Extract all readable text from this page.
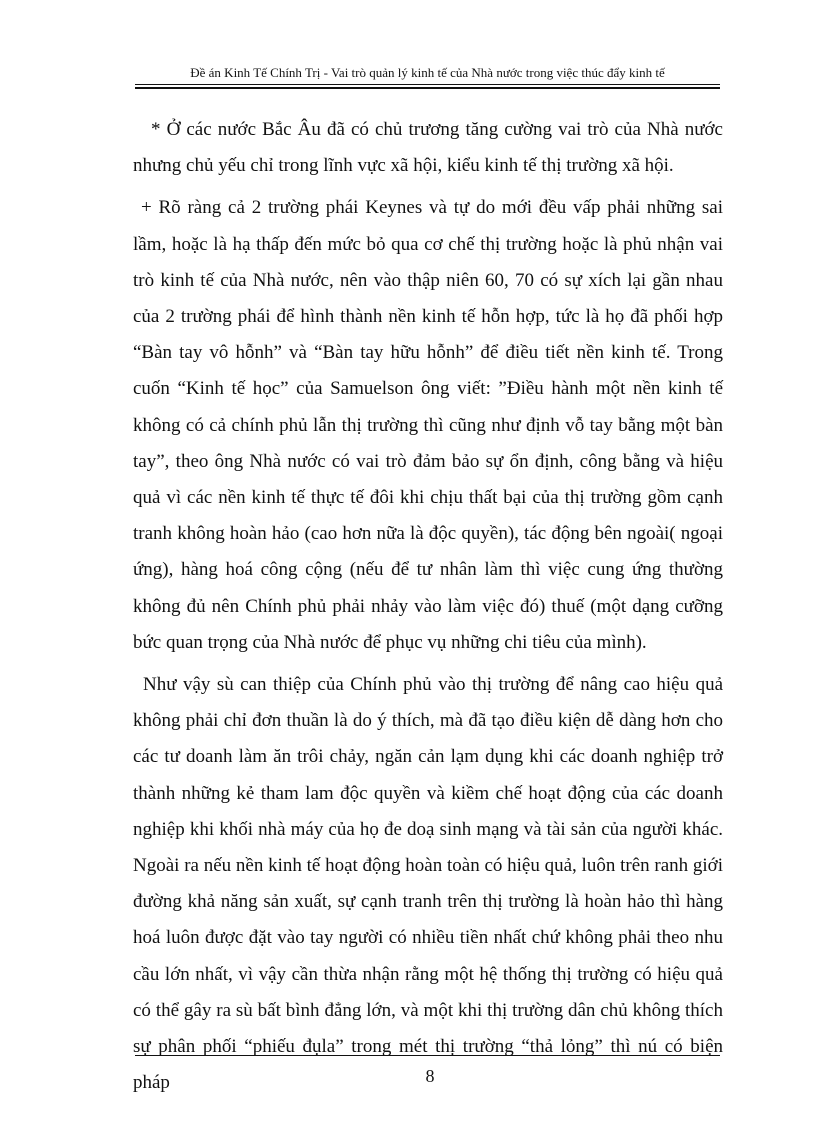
Đề án Kinh Tế Chính Trị - Vai trò quản lý kinh tế của Nhà nước trong việc thúc đẩy kinh tế

* Ở các nước Bắc Âu đã có chủ trương tăng cường vai trò của Nhà nước nhưng chủ yếu chỉ trong lĩnh vực xã hội, kiểu kinh tế thị trường xã hội.

+ Rõ ràng cả 2 trường phái Keynes và tự do mới đều vấp phải những sai lầm, hoặc là hạ thấp đến mức bỏ qua cơ chế thị trường hoặc là phủ nhận vai trò kinh tế của Nhà nước, nên vào thập niên 60, 70 có sự xích lại gần nhau của 2 trường phái để hình thành nền kinh tế hỗn hợp, tức là họ đã phối hợp “Bàn tay vô hỗnh” và “Bàn tay hữu hỗnh” để điều tiết nền kinh tế. Trong cuốn “Kinh tế học” của Samuelson ông viết: ”Điều hành một nền kinh tế không có cả chính phủ lẫn thị trường thì cũng như định vỗ tay bằng một bàn tay”, theo ông Nhà nước có vai trò đảm bảo sự ổn định, công bằng và hiệu quả vì các nền kinh tế thực tế đôi khi chịu thất bại của thị trường gồm cạnh tranh không hoàn hảo (cao hơn nữa là độc quyền), tác động bên ngoài( ngoại ứng), hàng hoá công cộng (nếu để tư nhân làm thì việc cung ứng thường không đủ nên Chính phủ phải nhảy vào làm việc đó) thuế (một dạng cưỡng bức quan trọng của Nhà nước để phục vụ những chi tiêu của mình).

Như vậy sù can thiệp của Chính phủ vào thị trường để nâng cao hiệu quả không phải chỉ đơn thuần là do ý thích, mà đã tạo điều kiện dễ dàng hơn cho các tư doanh làm ăn trôi chảy, ngăn cản lạm dụng khi các doanh nghiệp trở thành những kẻ tham lam độc quyền và kiềm chế hoạt động của các doanh nghiệp khi khối nhà máy của họ đe doạ sinh mạng và tài sản của người khác. Ngoài ra nếu nền kinh tế hoạt động hoàn toàn có hiệu quả, luôn trên ranh giới đường khả năng sản xuất, sự cạnh tranh trên thị trường là hoàn hảo thì hàng hoá luôn được đặt vào tay người có nhiều tiền nhất chứ không phải theo nhu cầu lớn nhất, vì vậy cần thừa nhận rằng một hệ thống thị trường có hiệu quả có thể gây ra sù bất bình đẳng lớn, và một khi thị trường dân chủ không thích sự phân phối “phiếu đụla” trong mét thị trường “thả lỏng” thì nú có biện pháp	8
